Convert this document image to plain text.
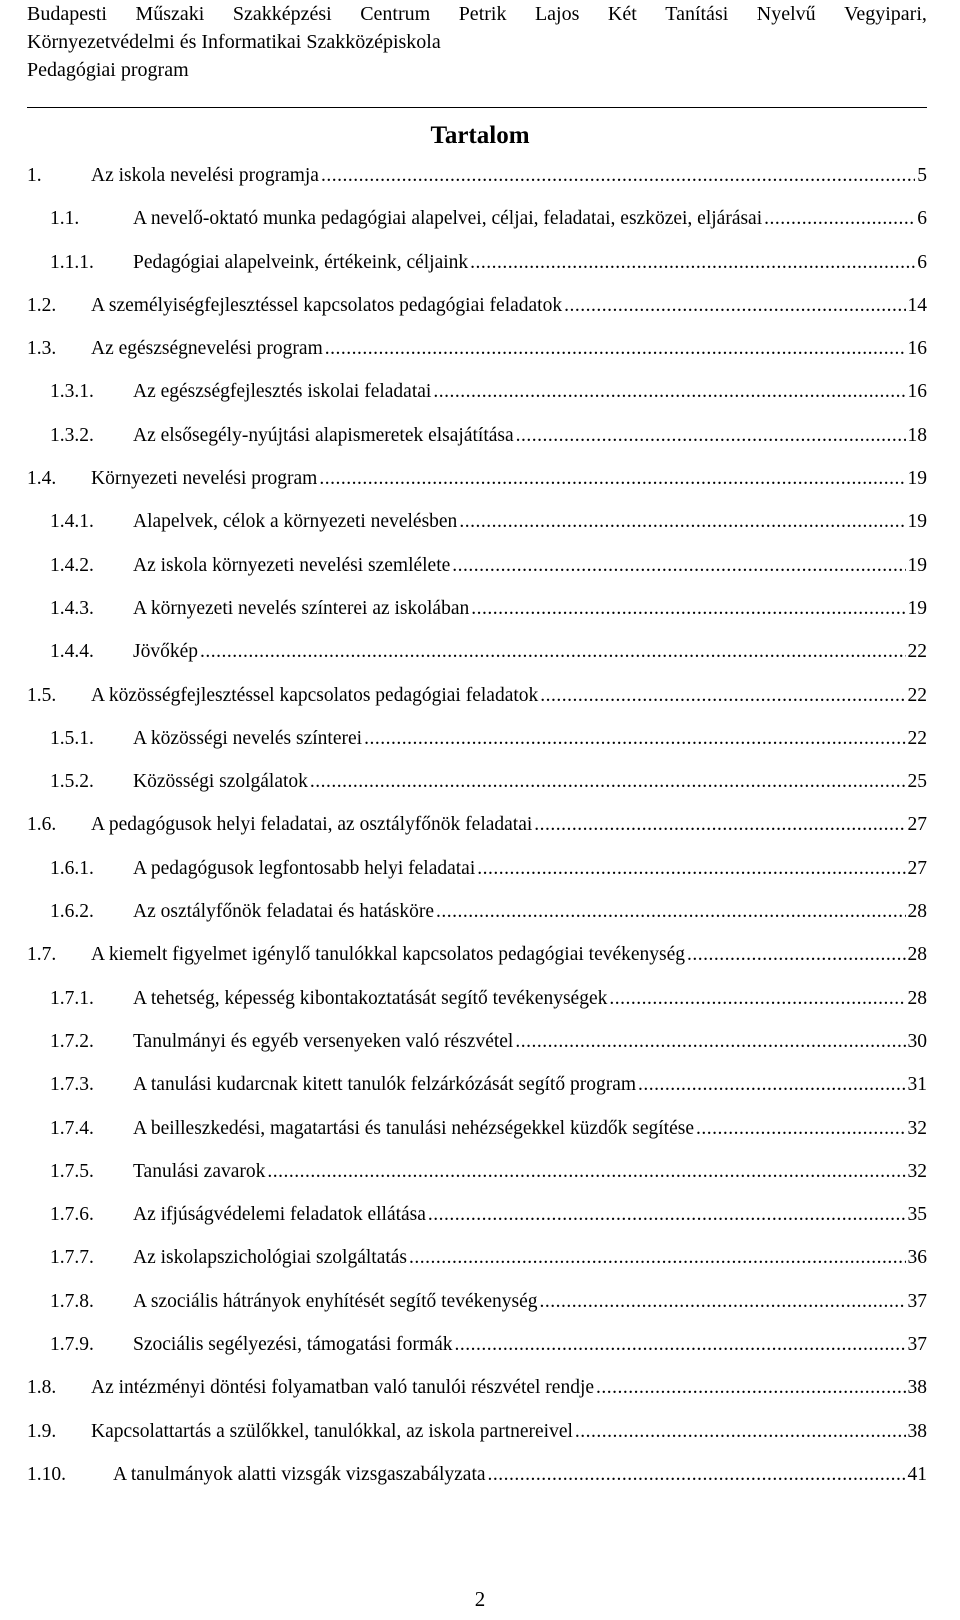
Budapesti Műszaki Szakképzési Centrum Petrik Lajos Két Tanítási Nyelvű Vegyipari,
Környezetvédelmi és Informatikai Szakközépiskola
Pedagógiai program
Tartalom
1.	Az iskola nevelési programja .....	5
1.1.	A nevelő-oktató munka pedagógiai alapelvei, céljai, feladatai, eszközei, eljárásai .....	6
1.1.1.	Pedagógiai alapelveink, értékeink, céljaink .....	6
1.2.	A személyiségfejlesztéssel kapcsolatos pedagógiai feladatok .....	14
1.3.	Az egészségnevelési program .....	16
1.3.1.	Az egészségfejlesztés iskolai feladatai .....	16
1.3.2.	Az elsősegély-nyújtási alapismeretek elsajátítása .....	18
1.4.	Környezeti nevelési program .....	19
1.4.1.	Alapelvek, célok a környezeti nevelésben .....	19
1.4.2.	Az iskola környezeti nevelési szemlélete .....	19
1.4.3.	A környezeti nevelés színterei az iskolában .....	19
1.4.4.	Jövőkép .....	22
1.5.	A közösségfejlesztéssel kapcsolatos pedagógiai feladatok .....	22
1.5.1.	A közösségi nevelés színterei .....	22
1.5.2.	Közösségi szolgálatok .....	25
1.6.	A pedagógusok helyi feladatai, az osztályfőnök feladatai .....	27
1.6.1.	A pedagógusok legfontosabb helyi feladatai .....	27
1.6.2.	Az osztályfőnök feladatai és hatásköre .....	28
1.7.	A kiemelt figyelmet igénylő tanulókkal kapcsolatos pedagógiai tevékenység .....	28
1.7.1.	A tehetség, képesség kibontakoztatását segítő tevékenységek .....	28
1.7.2.	Tanulmányi és egyéb versenyeken való részvétel .....	30
1.7.3.	A tanulási kudarcnak kitett tanulók felzárkózását segítő program .....	31
1.7.4.	A beilleszkedési, magatartási és tanulási nehézségekkel küzdők segítése .....	32
1.7.5.	Tanulási zavarok .....	32
1.7.6.	Az ifjúságvédelemi feladatok ellátása .....	35
1.7.7.	Az iskolapszichológiai szolgáltatás .....	36
1.7.8.	A szociális hátrányok enyhítését segítő tevékenység .....	37
1.7.9.	Szociális segélyezési, támogatási formák .....	37
1.8.	Az intézményi döntési folyamatban való tanulói részvétel rendje .....	38
1.9.	Kapcsolattartás a szülőkkel, tanulókkal, az iskola partnereivel .....	38
1.10.	A tanulmányok alatti vizsgák vizsgaszabályzata .....	41
2
